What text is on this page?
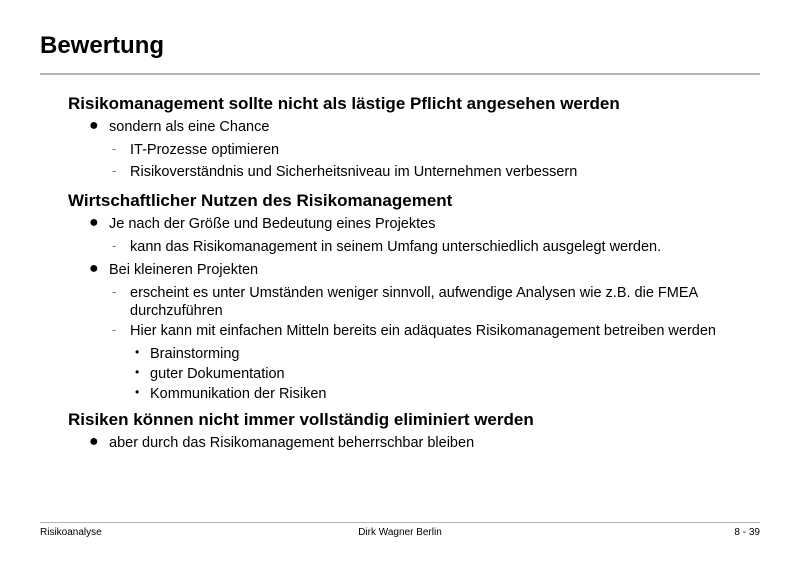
Bewertung
Risikomanagement sollte nicht als lästige Pflicht angesehen werden
● sondern als eine Chance
- IT-Prozesse optimieren
- Risikoverständnis und Sicherheitsniveau im Unternehmen verbessern
Wirtschaftlicher Nutzen des Risikomanagement
● Je nach der Größe und Bedeutung eines Projektes
- kann das Risikomanagement in seinem Umfang unterschiedlich ausgelegt werden.
● Bei kleineren Projekten
- erscheint es unter Umständen weniger sinnvoll, aufwendige Analysen wie z.B. die FMEA durchzuführen
- Hier kann mit einfachen Mitteln bereits ein adäquates Risikomanagement betreiben werden
• Brainstorming
• guter Dokumentation
• Kommunikation der Risiken
Risiken können nicht immer vollständig eliminiert werden
● aber durch das Risikomanagement beherrschbar bleiben
Risikoanalyse	Dirk Wagner Berlin	8 - 39
